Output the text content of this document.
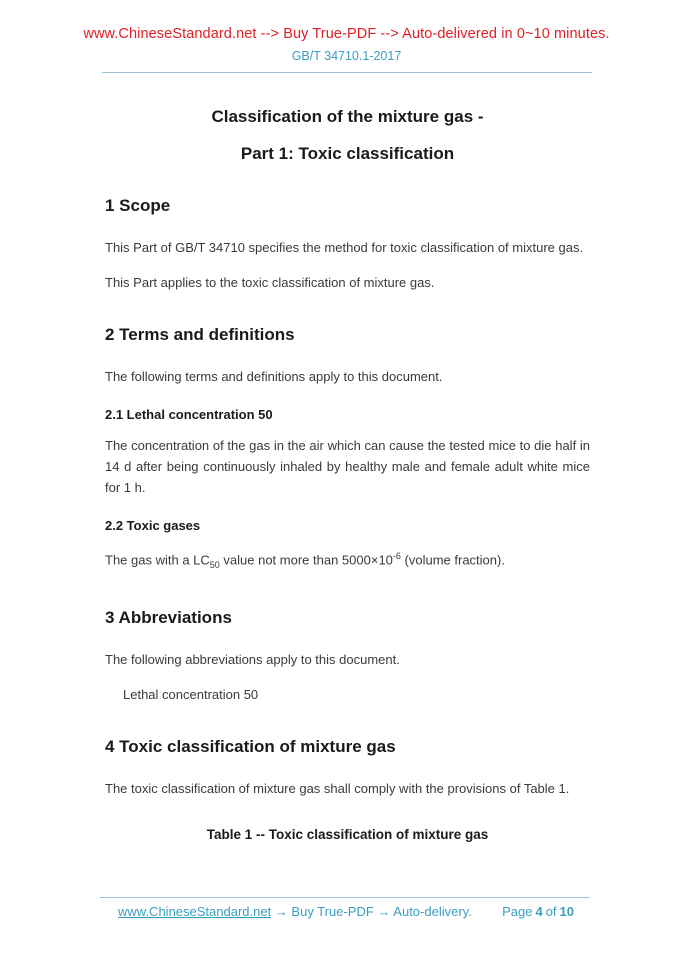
www.ChineseStandard.net --> Buy True-PDF --> Auto-delivered in 0~10 minutes.
GB/T 34710.1-2017
Classification of the mixture gas -
Part 1: Toxic classification
1 Scope

This Part of GB/T 34710 specifies the method for toxic classification of mixture gas.

This Part applies to the toxic classification of mixture gas.

2 Terms and definitions

The following terms and definitions apply to this document.

2.1 Lethal concentration 50

The concentration of the gas in the air which can cause the tested mice to die half in 14 d after being continuously inhaled by healthy male and female adult white mice for 1 h.

2.2 Toxic gases

The gas with a $LC_{50}$ value not more than $5000\times 10^{-6}$ (volume fraction).

3 Abbreviations

The following abbreviations apply to this document.

Lethal concentration 50
4 Toxic classification of mixture gas

The toxic classification of mixture gas shall comply with the provisions of Table 1.

Table 1 -- Toxic classification of mixture gas
www.ChineseStandard.net → Buy True-PDF → Auto-delivery. Page 4 of 10
